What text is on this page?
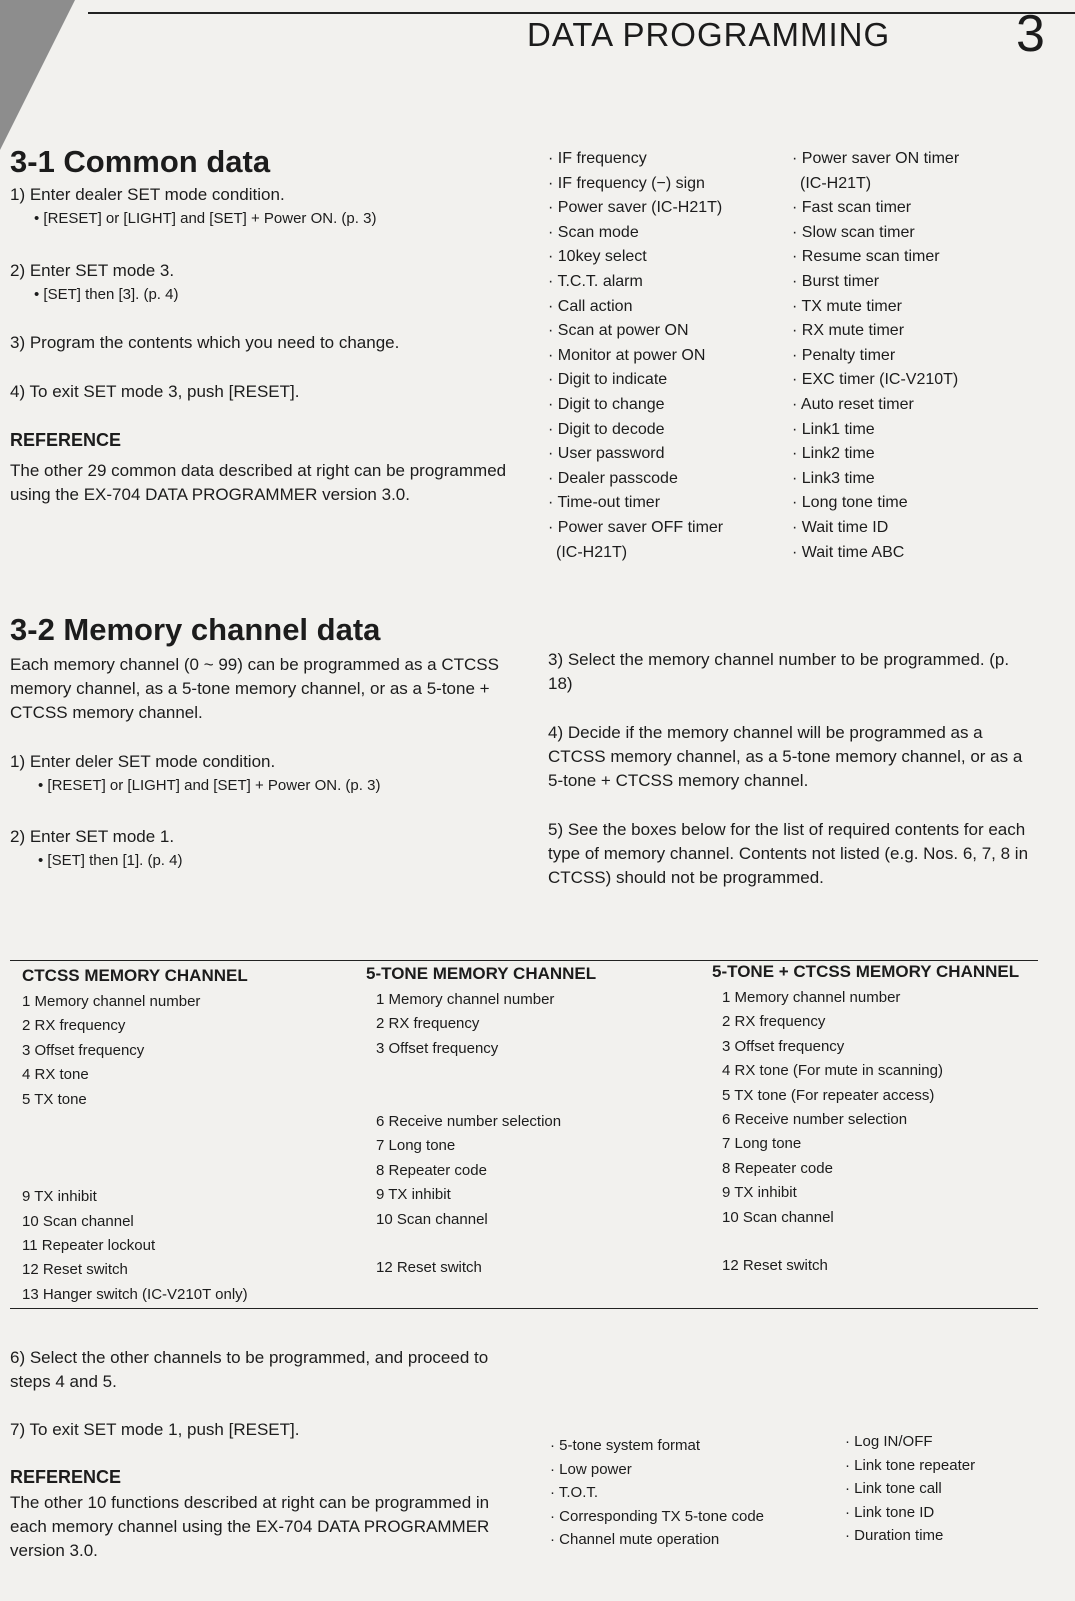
DATA PROGRAMMING 3
3-1 Common data
1) Enter dealer SET mode condition.
• [RESET] or [LIGHT] and [SET] + Power ON. (p. 3)
2) Enter SET mode 3.
• [SET] then [3]. (p. 4)
3) Program the contents which you need to change.
4) To exit SET mode 3, push [RESET].
REFERENCE
The other 29 common data described at right can be programmed using the EX-704 DATA PROGRAMMER version 3.0.
· IF frequency
· IF frequency (−) sign
· Power saver (IC-H21T)
· Scan mode
· 10key select
· T.C.T. alarm
· Call action
· Scan at power ON
· Monitor at power ON
· Digit to indicate
· Digit to change
· Digit to decode
· User password
· Dealer passcode
· Time-out timer
· Power saver OFF timer
(IC-H21T)
· Power saver ON timer
(IC-H21T)
· Fast scan timer
· Slow scan timer
· Resume scan timer
· Burst timer
· TX mute timer
· RX mute timer
· Penalty timer
· EXC timer (IC-V210T)
· Auto reset timer
· Link1 time
· Link2 time
· Link3 time
· Long tone time
· Wait time ID
· Wait time ABC
3-2 Memory channel data
Each memory channel (0 ~ 99) can be programmed as a CTCSS memory channel, as a 5-tone memory channel, or as a 5-tone + CTCSS memory channel.
1) Enter deler SET mode condition.
• [RESET] or [LIGHT] and [SET] + Power ON. (p. 3)
2) Enter SET mode 1.
• [SET] then [1]. (p. 4)
3) Select the memory channel number to be programmed. (p. 18)
4) Decide if the memory channel will be programmed as a CTCSS memory channel, as a 5-tone memory channel, or as a 5-tone + CTCSS memory channel.
5) See the boxes below for the list of required contents for each type of memory channel. Contents not listed (e.g. Nos. 6, 7, 8 in CTCSS) should not be programmed.
CTCSS MEMORY CHANNEL
1 Memory channel number
2 RX frequency
3 Offset frequency
4 RX tone
5 TX tone
9 TX inhibit
10 Scan channel
11 Repeater lockout
12 Reset switch
13 Hanger switch (IC-V210T only)
5-TONE MEMORY CHANNEL
1 Memory channel number
2 RX frequency
3 Offset frequency
6 Receive number selection
7 Long tone
8 Repeater code
9 TX inhibit
10 Scan channel
12 Reset switch
5-TONE + CTCSS MEMORY CHANNEL
1 Memory channel number
2 RX frequency
3 Offset frequency
4 RX tone (For mute in scanning)
5 TX tone (For repeater access)
6 Receive number selection
7 Long tone
8 Repeater code
9 TX inhibit
10 Scan channel
12 Reset switch
6) Select the other channels to be programmed, and proceed to steps 4 and 5.
7) To exit SET mode 1, push [RESET].
REFERENCE
The other 10 functions described at right can be programmed in each memory channel using the EX-704 DATA PROGRAMMER version 3.0.
· 5-tone system format
· Low power
· T.O.T.
· Corresponding TX 5-tone code
· Channel mute operation
· Log IN/OFF
· Link tone repeater
· Link tone call
· Link tone ID
· Duration time
